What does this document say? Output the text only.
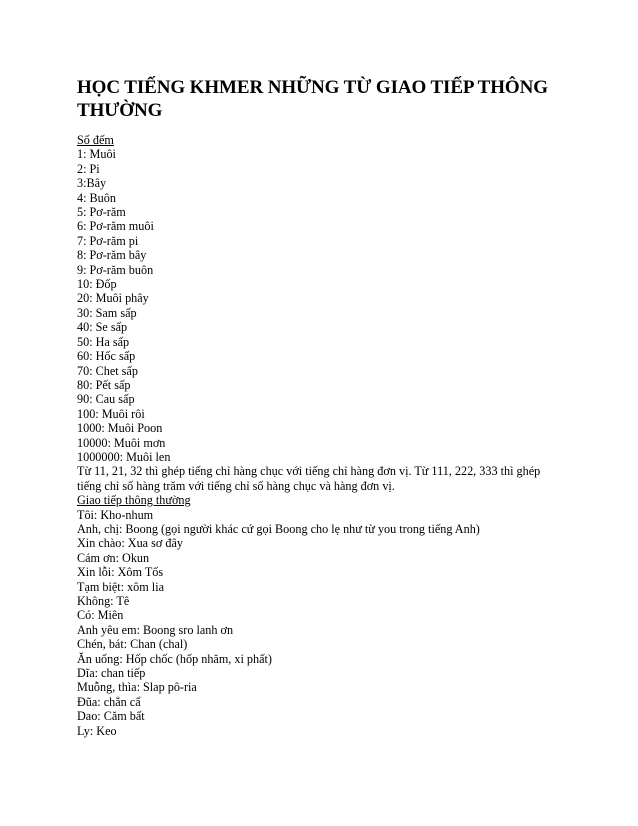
HỌC TIẾNG KHMER NHỮNG TỪ GIAO TIẾP THÔNG THƯỜNG
Số đếm
1: Muôi
2: Pi
3:Bây
4: Buôn
5: Pơ-răm
6: Pơ-răm muôi
7: Pơ-răm pi
8: Pơ-răm bây
9: Pơ-răm buôn
10: Đốp
20: Muôi phây
30: Sam sấp
40: Se sấp
50: Ha sấp
60: Hốc sấp
70: Chet sấp
80: Pết sấp
90: Cau sấp
100: Muôi rôi
1000: Muôi Poon
10000: Muôi mơn
1000000: Muôi len
Từ 11, 21, 32 thì ghép tiếng chỉ hàng chục với tiếng chỉ hàng đơn vị. Từ 111, 222, 333 thì ghép tiếng chỉ số hàng trăm với tiếng chỉ số hàng chục và hàng đơn vị.
Giao tiếp thông thường
Tôi: Kho-nhum
Anh, chị: Boong (gọi người khác cứ gọi Boong cho lẹ như từ you trong tiếng Anh)
Xin chào: Xua sơ đây
Cám ơn: Okun
Xin lỗi: Xôm Tốs
Tạm biệt: xôm lia
Không: Tê
Có: Miên
Anh yêu em: Boong sro lanh ơn
Chén, bát: Chan (chal)
Ăn uống: Hốp chốc (hốp nhăm, xi phất)
Dĩa: chan tiếp
Muỗng, thìa: Slap pô-ria
Đũa: chẳn cẩ
Dao: Căm bất
Ly: Keo
